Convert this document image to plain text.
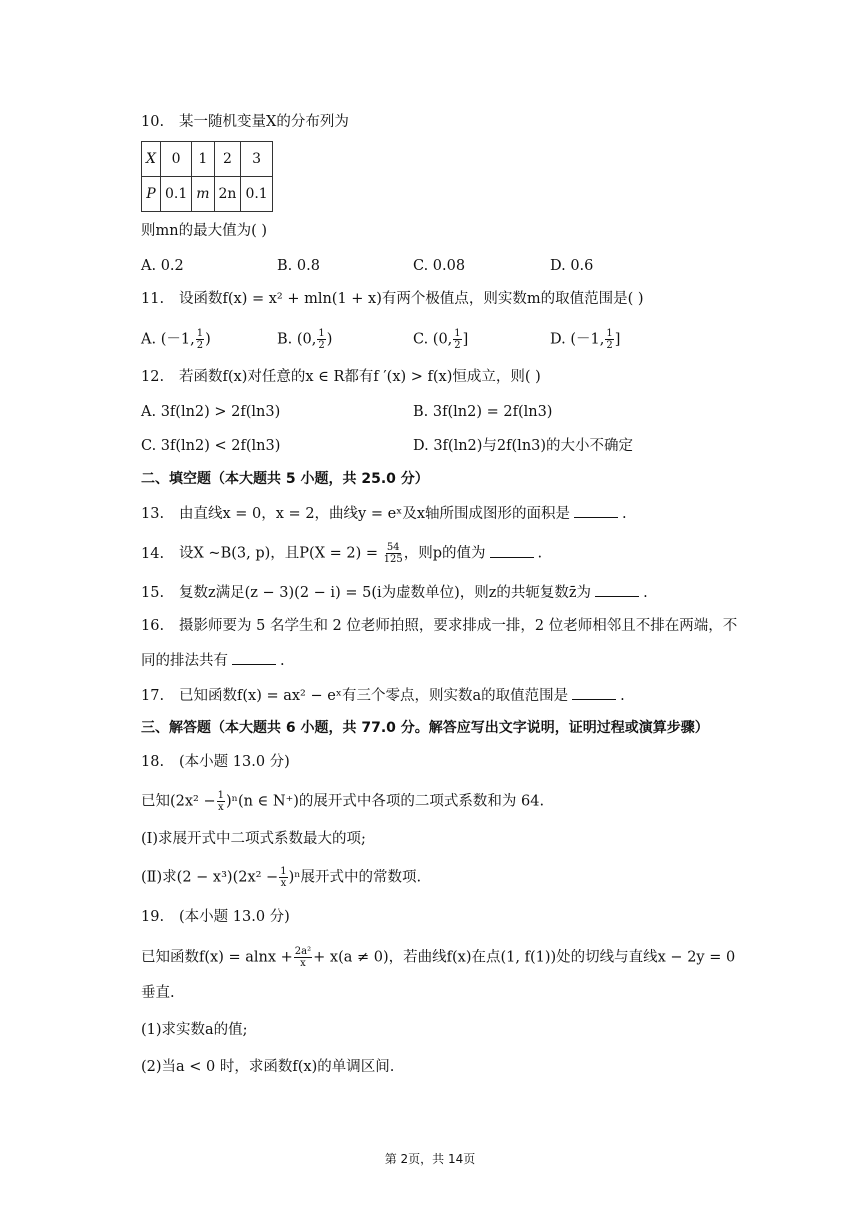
10. 某一随机变量X的分布列为
X	0	1	2	3
P	0.1	m	2n	0.1
则mn的最大值为( )
A. 0.2	B. 0.8	C. 0.08	D. 0.6
11. 设函数f(x) = x² + mln(1 + x)有两个极值点，则实数m的取值范围是( )
A. (－1, $\frac{1}{2}$ )	B. (0, $\frac{1}{2}$ )	C. (0, $\frac{1}{2}$ ]	D. (－1, $\frac{1}{2}$ ]
12. 若函数f(x)对任意的x ∈ R都有f ′(x) > f(x)恒成立，则( )
A. 3f(ln2) > 2f(ln3)	B. 3f(ln2) = 2f(ln3)
C. 3f(ln2) < 2f(ln3)	D. 3f(ln2)与2f(ln3)的大小不确定
二、填空题（本大题共 5 小题，共 25.0 分）
13. 由直线x = 0，x = 2，曲线y = eˣ及x轴所围成图形的面积是	.
14. 设X ~B(3, p)，且$P(X = 2) = \frac{54}{125}$ ，则p的值为	.
15. 复数z满足(z − 3)(2 − i) = 5(i为虚数单位)，则z的共轭复数z̄为	.
16. 摄影师要为 5 名学生和 2 位老师拍照，要求排成一排，2 位老师相邻且不排在两端，不
同的排法共有	.
17. 已知函数f(x) = ax² − eˣ有三个零点，则实数a的取值范围是	.
三、解答题（本大题共 6 小题，共 77.0 分。解答应写出文字说明，证明过程或演算步骤）
18. (本小题 13.0 分)
已知$(2x^2 - \frac{1}{x} )^n(n$ ∈ N⁺)的展开式中各项的二项式系数和为 64.
(Ⅰ)求展开式中二项式系数最大的项;
(Ⅱ)求$(2 - x^3)(2x^2 - \frac{1}{x} )^n$展开式中的常数项.
19. (本小题 13.0 分)
已知函数$f(x) = alnx + \frac{\text{2a²}}{x} + x(a \ne 0)$，若曲线f(x)在点(1, f(1))处的切线与直线x − 2y = 0
垂直.
(1)求实数a的值;
(2)当a < 0 时，求函数f(x)的单调区间.
第 2页，共 14页
